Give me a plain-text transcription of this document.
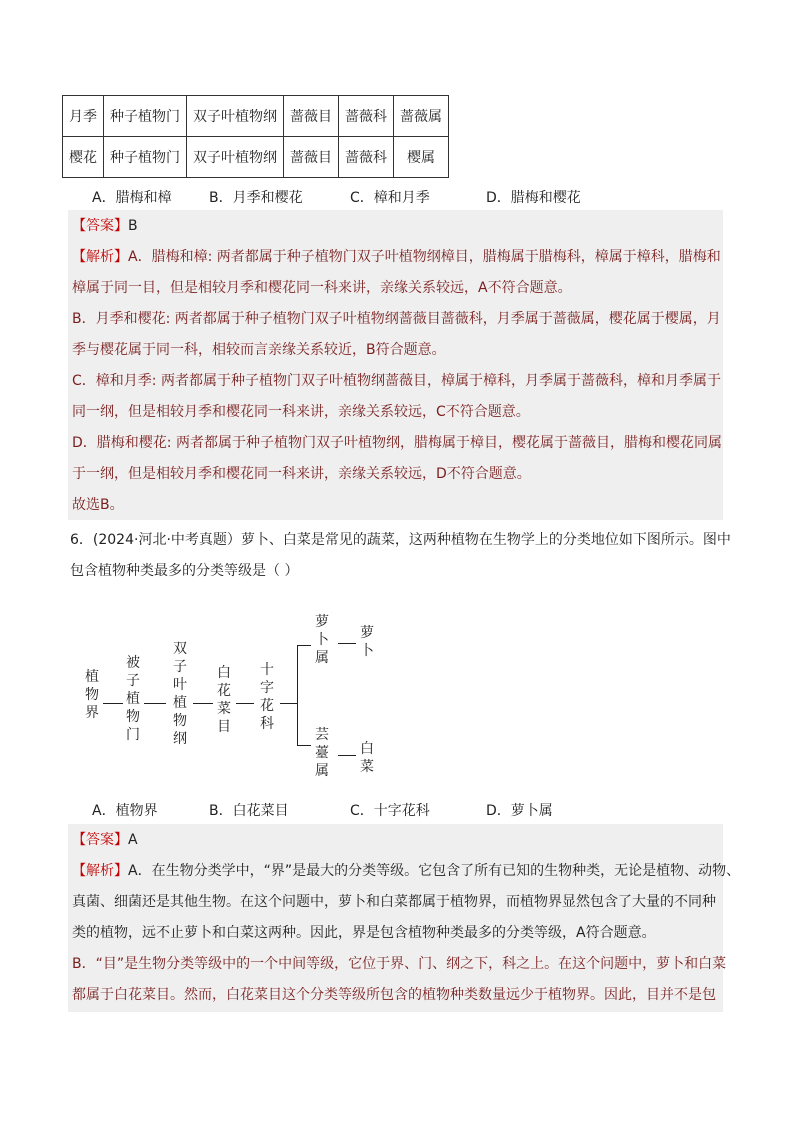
月季	种子植物门	双子叶植物纲	蔷薇目	蔷薇科	蔷薇属
樱花	种子植物门	双子叶植物纲	蔷薇目	蔷薇科	樱属
A．腊梅和樟	B．月季和樱花	C．樟和月季	D．腊梅和樱花
【答案】B
【解析】A．腊梅和樟: 两者都属于种子植物门双子叶植物纲樟目，腊梅属于腊梅科，樟属于樟科，腊梅和
樟属于同一目，但是相较月季和樱花同一科来讲，亲缘关系较远，A不符合题意。
B．月季和樱花: 两者都属于种子植物门双子叶植物纲蔷薇目蔷薇科，月季属于蔷薇属，樱花属于樱属，月
季与樱花属于同一科，相较而言亲缘关系较近，B符合题意。
C．樟和月季: 两者都属于种子植物门双子叶植物纲蔷薇目，樟属于樟科，月季属于蔷薇科，樟和月季属于
同一纲，但是相较月季和樱花同一科来讲，亲缘关系较远，C不符合题意。
D．腊梅和樱花: 两者都属于种子植物门双子叶植物纲，腊梅属于樟目，樱花属于蔷薇目，腊梅和樱花同属
于一纲，但是相较月季和樱花同一科来讲，亲缘关系较远，D不符合题意。
故选B。
6．(2024·河北·中考真题）萝卜、白菜是常见的蔬菜，这两种植物在生物学上的分类地位如下图所示。图中
包含植物种类最多的分类等级是（ ）
植
物
界
被
子
植
物
门
双
子
叶
植
物
纲
白
花
菜
目
十
字
花
科
萝
卜
属
萝
卜
芸
薹
属
白
菜
A．植物界	B．白花菜目	C．十字花科	D．萝卜属
【答案】A
【解析】A．在生物分类学中，“界”是最大的分类等级。它包含了所有已知的生物种类，无论是植物、动物、
真菌、细菌还是其他生物。在这个问题中，萝卜和白菜都属于植物界，而植物界显然包含了大量的不同种
类的植物，远不止萝卜和白菜这两种。因此，界是包含植物种类最多的分类等级，A符合题意。
B．“目”是生物分类等级中的一个中间等级，它位于界、门、纲之下，科之上。在这个问题中，萝卜和白菜
都属于白花菜目。然而，白花菜目这个分类等级所包含的植物种类数量远少于植物界。因此，目并不是包
